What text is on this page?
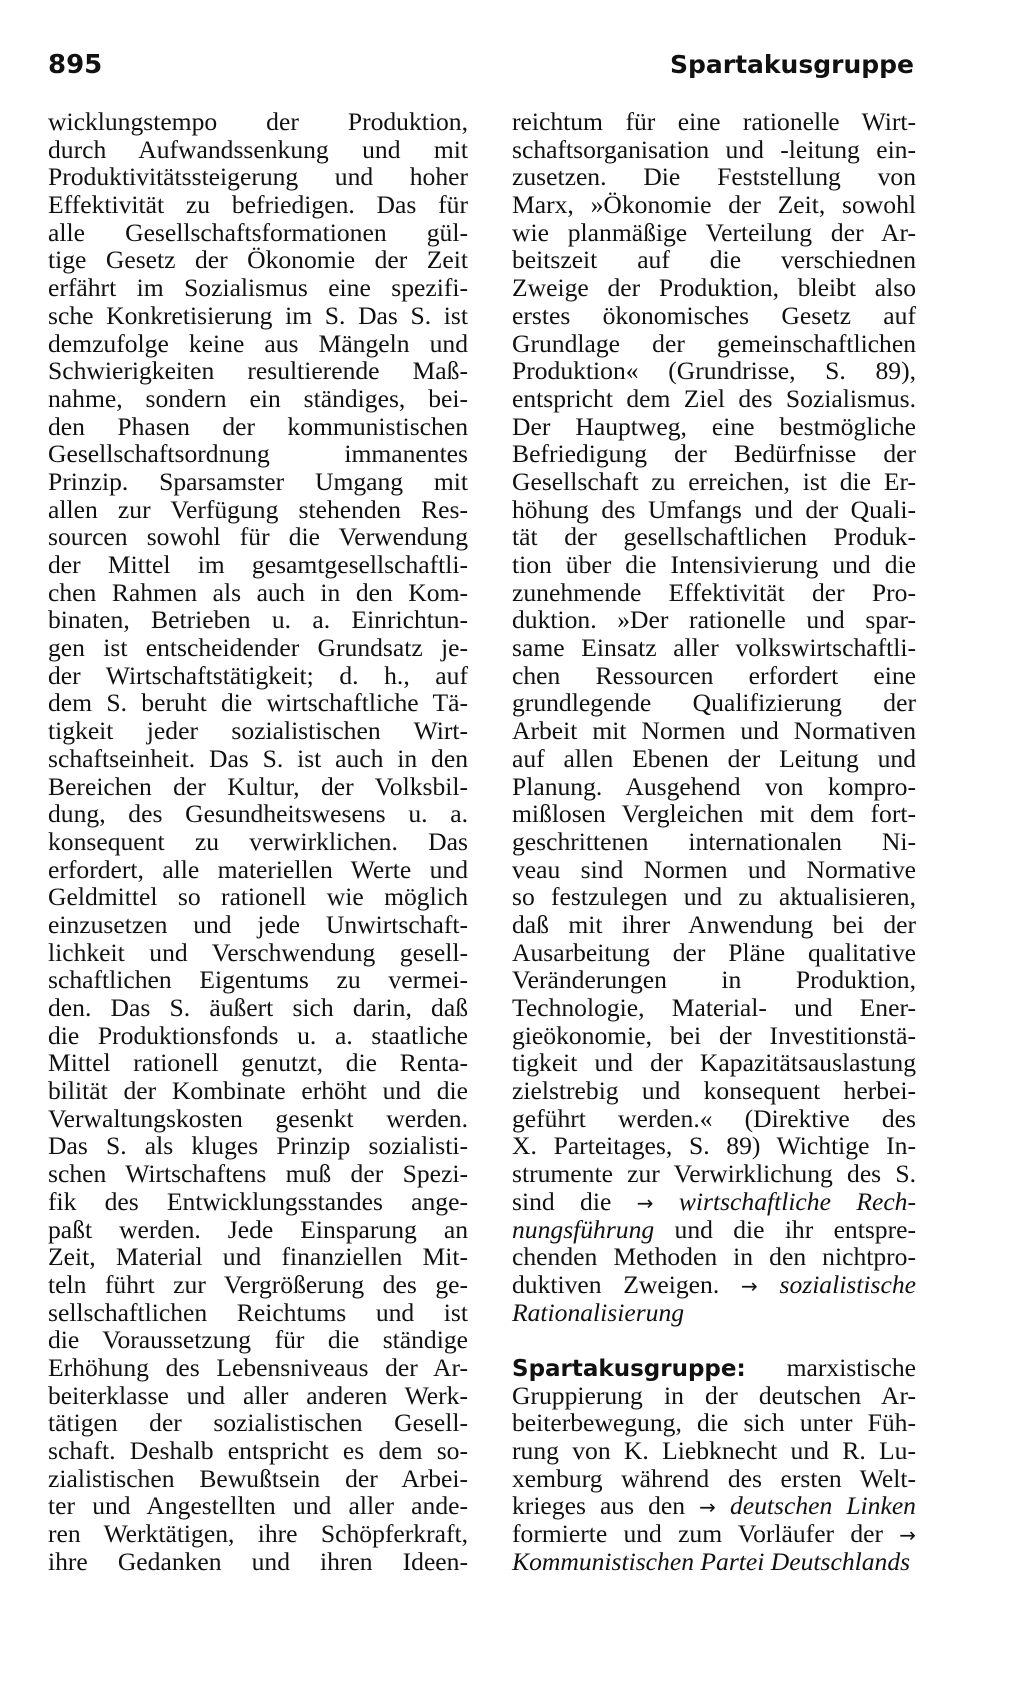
895	Spartakusgruppe
wicklungstempo der Produktion,
durch Aufwandssenkung und mit
Produktivitätssteigerung und hoher
Effektivität zu befriedigen. Das für
alle Gesellschaftsformationen gül-
tige Gesetz der Ökonomie der Zeit
erfährt im Sozialismus eine spezifi-
sche Konkretisierung im S. Das S. ist
demzufolge keine aus Mängeln und
Schwierigkeiten resultierende Maß-
nahme, sondern ein ständiges, bei-
den Phasen der kommunistischen
Gesellschaftsordnung immanentes
Prinzip. Sparsamster Umgang mit
allen zur Verfügung stehenden Res-
sourcen sowohl für die Verwendung
der Mittel im gesamtgesellschaftli-
chen Rahmen als auch in den Kom-
binaten, Betrieben u. a. Einrichtun-
gen ist entscheidender Grundsatz je-
der Wirtschaftstätigkeit; d. h., auf
dem S. beruht die wirtschaftliche Tä-
tigkeit jeder sozialistischen Wirt-
schaftseinheit. Das S. ist auch in den
Bereichen der Kultur, der Volksbil-
dung, des Gesundheitswesens u. a.
konsequent zu verwirklichen. Das
erfordert, alle materiellen Werte und
Geldmittel so rationell wie möglich
einzusetzen und jede Unwirtschaft-
lichkeit und Verschwendung gesell-
schaftlichen Eigentums zu vermei-
den. Das S. äußert sich darin, daß
die Produktionsfonds u. a. staatliche
Mittel rationell genutzt, die Renta-
bilität der Kombinate erhöht und die
Verwaltungskosten gesenkt werden.
Das S. als kluges Prinzip sozialisti-
schen Wirtschaftens muß der Spezi-
fik des Entwicklungsstandes ange-
paßt werden. Jede Einsparung an
Zeit, Material und finanziellen Mit-
teln führt zur Vergrößerung des ge-
sellschaftlichen Reichtums und ist
die Voraussetzung für die ständige
Erhöhung des Lebensniveaus der Ar-
beiterklasse und aller anderen Werk-
tätigen der sozialistischen Gesell-
schaft. Deshalb entspricht es dem so-
zialistischen Bewußtsein der Arbei-
ter und Angestellten und aller ande-
ren Werktätigen, ihre Schöpferkraft,
ihre Gedanken und ihren Ideen-
reichtum für eine rationelle Wirt-
schaftsorganisation und -leitung ein-
zusetzen. Die Feststellung von
Marx, »Ökonomie der Zeit, sowohl
wie planmäßige Verteilung der Ar-
beitszeit auf die verschiednen
Zweige der Produktion, bleibt also
erstes ökonomisches Gesetz auf
Grundlage der gemeinschaftlichen
Produktion« (Grundrisse, S. 89),
entspricht dem Ziel des Sozialismus.
Der Hauptweg, eine bestmögliche
Befriedigung der Bedürfnisse der
Gesellschaft zu erreichen, ist die Er-
höhung des Umfangs und der Quali-
tät der gesellschaftlichen Produk-
tion über die Intensivierung und die
zunehmende Effektivität der Pro-
duktion. »Der rationelle und spar-
same Einsatz aller volkswirtschaftli-
chen Ressourcen erfordert eine
grundlegende Qualifizierung der
Arbeit mit Normen und Normativen
auf allen Ebenen der Leitung und
Planung. Ausgehend von kompro-
mißlosen Vergleichen mit dem fort-
geschrittenen internationalen Ni-
veau sind Normen und Normative
so festzulegen und zu aktualisieren,
daß mit ihrer Anwendung bei der
Ausarbeitung der Pläne qualitative
Veränderungen in Produktion,
Technologie, Material- und Ener-
gieökonomie, bei der Investitionstä-
tigkeit und der Kapazitätsauslastung
zielstrebig und konsequent herbei-
geführt werden.« (Direktive des
X. Parteitages, S. 89) Wichtige In-
strumente zur Verwirklichung des S.
sind die → wirtschaftliche Rech-
nungsführung und die ihr entspre-
chenden Methoden in den nichtpro-
duktiven Zweigen. → sozialistische
Rationalisierung
Spartakusgruppe: marxistische
Gruppierung in der deutschen Ar-
beiterbewegung, die sich unter Füh-
rung von K. Liebknecht und R. Lu-
xemburg während des ersten Welt-
krieges aus den → deutschen Linken
formierte und zum Vorläufer der →
Kommunistischen Partei Deutschlands
